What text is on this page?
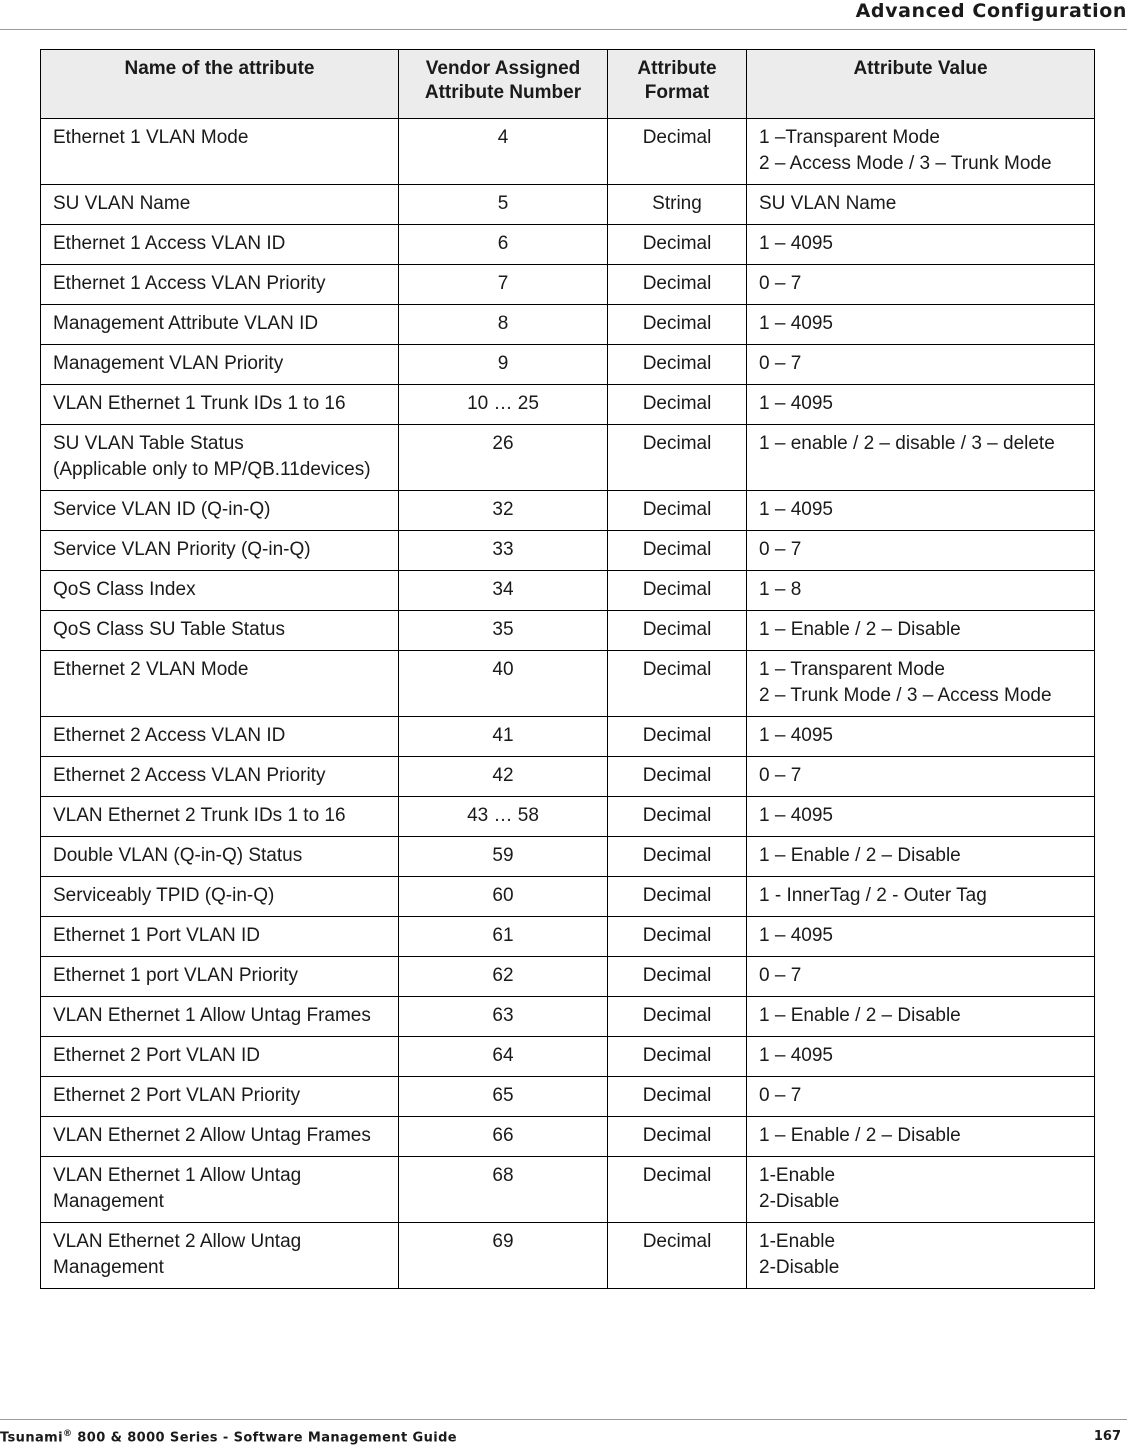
Advanced Configuration
Name of the attribute	Vendor Assigned Attribute Number	Attribute Format	Attribute Value

Ethernet 1 VLAN Mode	4	Decimal	1 –Transparent Mode
2 – Access Mode / 3 – Trunk Mode

SU VLAN Name	5	String	SU VLAN Name

Ethernet 1 Access VLAN ID	6	Decimal	1 – 4095

Ethernet 1 Access VLAN Priority	7	Decimal	0 – 7

Management Attribute VLAN ID	8	Decimal	1 – 4095

Management VLAN Priority	9	Decimal	0 – 7

VLAN Ethernet 1 Trunk IDs 1 to 16	10 … 25	Decimal	1 – 4095

SU VLAN Table Status
(Applicable only to MP/QB.11devices)	26	Decimal	1 – enable / 2 – disable / 3 – delete

Service VLAN ID (Q-in-Q)	32	Decimal	1 – 4095

Service VLAN Priority (Q-in-Q)	33	Decimal	0 – 7

QoS Class Index	34	Decimal	1 – 8

QoS Class SU Table Status	35	Decimal	1 – Enable / 2 – Disable

Ethernet 2 VLAN Mode	40	Decimal	1 – Transparent Mode
2 – Trunk Mode / 3 – Access Mode

Ethernet 2 Access VLAN ID	41	Decimal	1 – 4095

Ethernet 2 Access VLAN Priority	42	Decimal	0 – 7

VLAN Ethernet 2 Trunk IDs 1 to 16	43 … 58	Decimal	1 – 4095

Double VLAN (Q-in-Q) Status	59	Decimal	1 – Enable / 2 – Disable

Serviceably TPID (Q-in-Q)	60	Decimal	1 - InnerTag / 2 - Outer Tag

Ethernet 1 Port VLAN ID	61	Decimal	1 – 4095

Ethernet 1 port VLAN Priority	62	Decimal	0 – 7

VLAN Ethernet 1 Allow Untag Frames	63	Decimal	1 – Enable / 2 – Disable

Ethernet 2 Port VLAN ID	64	Decimal	1 – 4095

Ethernet 2 Port VLAN Priority	65	Decimal	0 – 7

VLAN Ethernet 2 Allow Untag Frames	66	Decimal	1 – Enable / 2 – Disable

VLAN Ethernet 1 Allow Untag
Management	68	Decimal	1-Enable
2-Disable

VLAN Ethernet 2 Allow Untag
Management	69	Decimal	1-Enable
2-Disable
Tsunami® 800 & 8000 Series - Software Management Guide	167
